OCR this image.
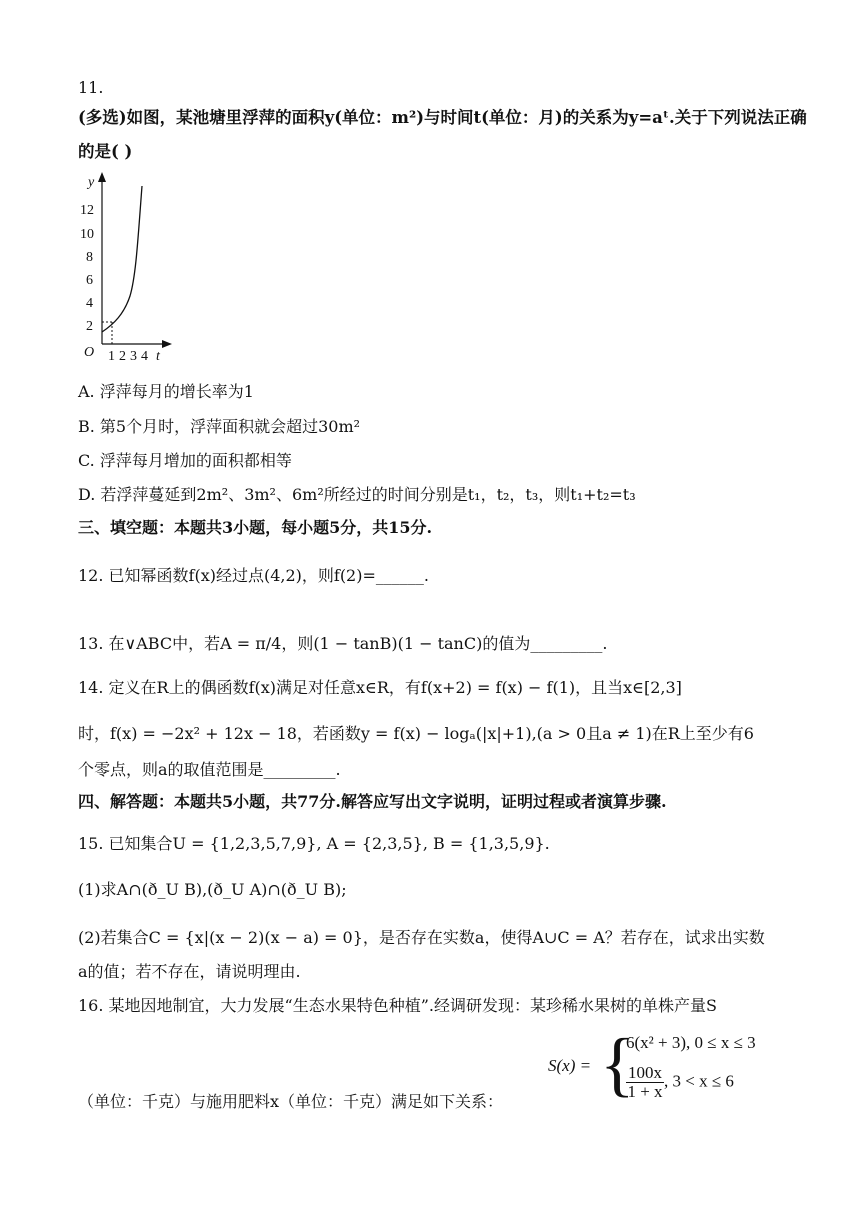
11.
(多选)如图，某池塘里浮萍的面积y(单位：m²)与时间t(单位：月)的关系为y=aᵗ.关于下列说法正确
的是( )
y
t
O
12
10
8
6
4
2
1 2 3 4
A. 浮萍每月的增长率为1
B. 第5个月时，浮萍面积就会超过30m²
C. 浮萍每月增加的面积都相等
D. 若浮萍蔓延到2m²、3m²、6m²所经过的时间分别是t₁，t₂，t₃，则t₁+t₂=t₃
三、填空题：本题共3小题，每小题5分，共15分.
12. 已知幂函数f(x)经过点(4,2)，则f(2)=______.
13. 在∨ABC中，若A = π/4，则(1 − tanB)(1 − tanC)的值为_________.
14. 定义在R上的偶函数f(x)满足对任意x∈R，有f(x+2) = f(x) − f(1)，且当x∈[2,3]
时，f(x) = −2x² + 12x − 18，若函数y = f(x) − logₐ(|x|+1),(a > 0且a ≠ 1)在R上至少有6
个零点，则a的取值范围是_________.
四、解答题：本题共5小题，共77分.解答应写出文字说明，证明过程或者演算步骤.
15. 已知集合U = {1,2,3,5,7,9}, A = {2,3,5}, B = {1,3,5,9}.
(1)求A∩(ð_U B),(ð_U A)∩(ð_U B);
(2)若集合C = {x|(x − 2)(x − a) = 0}，是否存在实数a，使得A∪C = A？若存在，试求出实数
a的值；若不存在，请说明理由.
16. 某地因地制宜，大力发展“生态水果特色种植”.经调研发现：某珍稀水果树的单株产量S
（单位：千克）与施用肥料x（单位：千克）满足如下关系：
S(x) = {
6(x² + 3), 0 ≤ x ≤ 3
$\frac{100x}{1 + x}$ , 3 < x ≤ 6
